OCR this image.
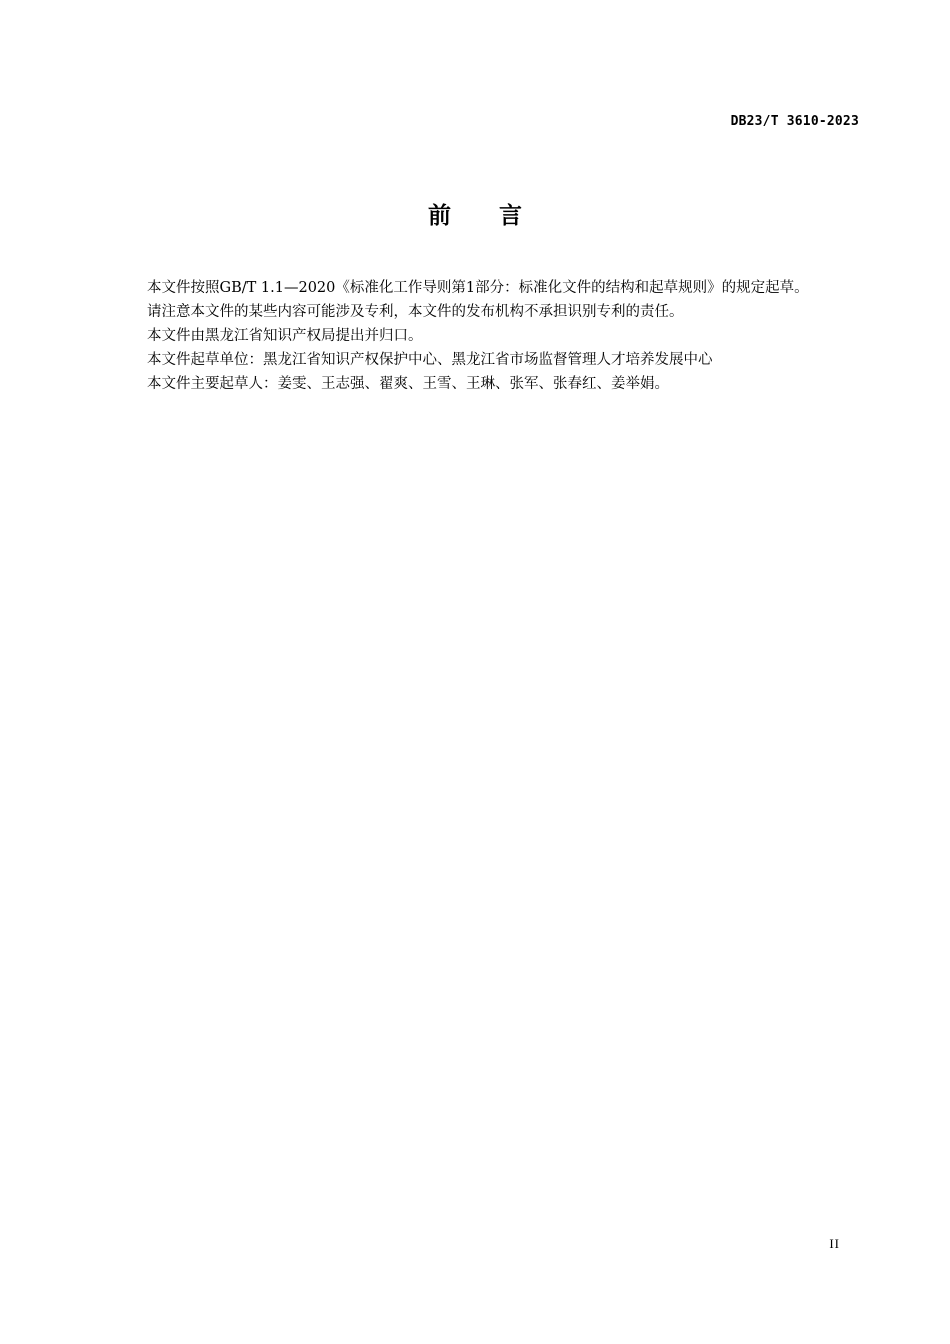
DB23/T 3610-2023
前 言

本文件按照GB/T 1.1—2020《标准化工作导则第1部分：标准化文件的结构和起草规则》的规定起草。

请注意本文件的某些内容可能涉及专利，本文件的发布机构不承担识别专利的责任。

本文件由黑龙江省知识产权局提出并归口。

本文件起草单位：黑龙江省知识产权保护中心、黑龙江省市场监督管理人才培养发展中心

本文件主要起草人：姜雯、王志强、翟爽、王雪、王琳、张军、张春红、姜举娟。

II
